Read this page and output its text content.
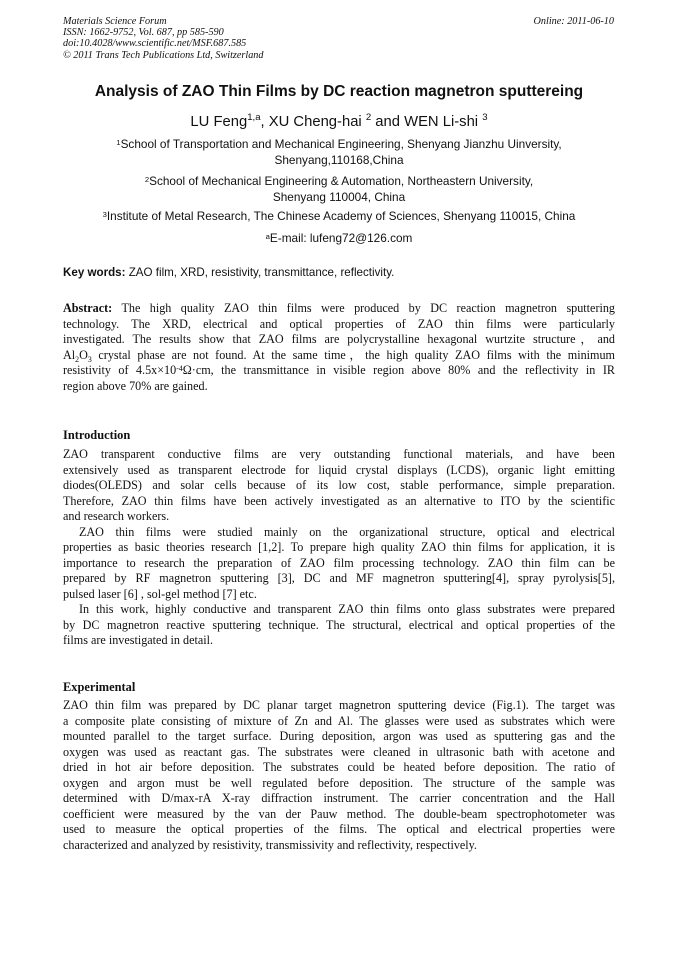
Materials Science Forum
ISSN: 1662-9752, Vol. 687, pp 585-590
doi:10.4028/www.scientific.net/MSF.687.585
© 2011 Trans Tech Publications Ltd, Switzerland
Online: 2011-06-10
Analysis of ZAO Thin Films by DC reaction magnetron sputtereing
LU Feng$^{1,a}$, XU Cheng-hai $^2$ and WEN Li-shi $^3$
$^1$School of Transportation and Mechanical Engineering, Shenyang Jianzhu Uinversity,
Shenyang,110168,China
$^2$School of Mechanical Engineering & Automation, Northeastern University,
Shenyang 110004, China
$^3$Institute of Metal Research, The Chinese Academy of Sciences, Shenyang 110015, China
$^a$E-mail: lufeng72@126.com
Key words: ZAO film, XRD, resistivity, transmittance, reflectivity.
Abstract: The high quality ZAO thin films were produced by DC reaction magnetron sputtering
technology. The XRD, electrical and optical properties of ZAO thin films were particularly
investigated. The results show that ZAO films are polycrystalline hexagonal wurtzite structure，and
$Al_2O_3$ crystal phase are not found. At the same time，the high quality ZAO films with the minimum
resistivity of $4.5x\times 10^{-4}\Omega\cdot cm$, the transmittance in visible region above 80% and the reflectivity in IR
region above 70% are gained.
Introduction
ZAO transparent conductive films are very outstanding functional materials, and have been
extensively used as transparent electrode for liquid crystal displays (LCDS), organic light emitting
diodes(OLEDS) and solar cells because of its low cost, stable performance, simple preparation.
Therefore, ZAO thin films have been actively investigated as an alternative to ITO by the scientific
and research workers.
ZAO thin films were studied mainly on the organizational structure, optical and electrical
properties as basic theories research [1,2]. To prepare high quality ZAO thin films for application, it is
importance to research the preparation of ZAO film processing technology. ZAO thin film can be
prepared by RF magnetron sputtering [3], DC and MF magnetron sputtering[4], spray pyrolysis[5],
pulsed laser [6] , sol-gel method [7] etc.
In this work, highly conductive and transparent ZAO thin films onto glass substrates were prepared
by DC magnetron reactive sputtering technique. The structural, electrical and optical properties of the
films are investigated in detail.
Experimental
ZAO thin film was prepared by DC planar target magnetron sputtering device (Fig.1). The target was
a composite plate consisting of mixture of Zn and Al. The glasses were used as substrates which were
mounted parallel to the target surface. During deposition, argon was used as sputtering gas and the
oxygen was used as reactant gas. The substrates were cleaned in ultrasonic bath with acetone and
dried in hot air before deposition. The substrates could be heated before deposition. The ratio of
oxygen and argon must be well regulated before deposition. The structure of the sample was
determined with D/max-rA X-ray diffraction instrument. The carrier concentration and the Hall
coefficient were measured by the van der Pauw method. The double-beam spectrophotometer was
used to measure the optical properties of the films. The optical and electrical properties were
characterized and analyzed by resistivity, transmissivity and reflectivity, respectively.
